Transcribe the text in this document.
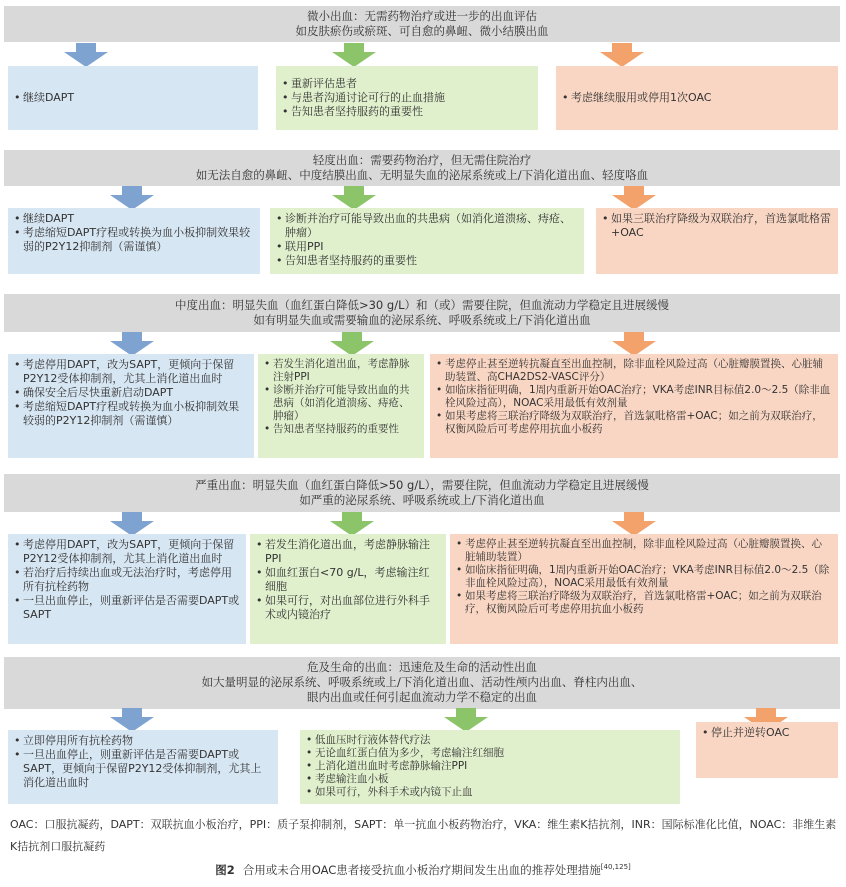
微小出血：无需药物治疗或进一步的出血评估
如皮肤瘀伤或瘀斑、可自愈的鼻衄、微小结膜出血
• 继续DAPT
• 重新评估患者
• 与患者沟通讨论可行的止血措施
• 告知患者坚持服药的重要性
• 考虑继续服用或停用1次OAC
轻度出血：需要药物治疗，但无需住院治疗
如无法自愈的鼻衄、中度结膜出血、无明显失血的泌尿系统或上/下消化道出血、轻度咯血
• 继续DAPT
• 考虑缩短DAPT疗程或转换为血小板抑制效果较弱的P2Y12抑制剂（需谨慎）
• 诊断并治疗可能导致出血的共患病（如消化道溃疡、痔疮、肿瘤）
• 联用PPI
• 告知患者坚持服药的重要性
• 如果三联治疗降级为双联治疗，首选氯吡格雷+OAC
中度出血：明显失血（血红蛋白降低>30 g/L）和（或）需要住院，但血流动力学稳定且进展缓慢
如有明显失血或需要输血的泌尿系统、呼吸系统或上/下消化道出血
• 考虑停用DAPT，改为SAPT，更倾向于保留P2Y12受体抑制剂，尤其上消化道出血时
• 确保安全后尽快重新启动DAPT
• 考虑缩短DAPT疗程或转换为血小板抑制效果较弱的P2Y12抑制剂（需谨慎）
• 若发生消化道出血，考虑静脉注射PPI
• 诊断并治疗可能导致出血的共患病（如消化道溃疡、痔疮、肿瘤）
• 告知患者坚持服药的重要性
• 考虑停止甚至逆转抗凝直至出血控制，除非血栓风险过高（心脏瓣膜置换、心脏辅助装置、高CHA2DS2-VASC评分）
• 如临床指征明确，1周内重新开始OAC治疗；VKA考虑INR目标值2.0～2.5（除非血栓风险过高），NOAC采用最低有效剂量
• 如果考虑将三联治疗降级为双联治疗，首选氯吡格雷+OAC；如之前为双联治疗，权衡风险后可考虑停用抗血小板药
严重出血：明显失血（血红蛋白降低>50 g/L），需要住院，但血流动力学稳定且进展缓慢
如严重的泌尿系统、呼吸系统或上/下消化道出血
• 考虑停用DAPT，改为SAPT，更倾向于保留P2Y12受体抑制剂，尤其上消化道出血时
• 若治疗后持续出血或无法治疗时，考虑停用所有抗栓药物
• 一旦出血停止，则重新评估是否需要DAPT或SAPT
• 若发生消化道出血，考虑静脉输注PPI
• 如血红蛋白<70 g/L，考虑输注红细胞
• 如果可行，对出血部位进行外科手术或内镜治疗
• 考虑停止甚至逆转抗凝直至出血控制，除非血栓风险过高（心脏瓣膜置换、心脏辅助装置）
• 如临床指征明确，1周内重新开始OAC治疗；VKA考虑INR目标值2.0～2.5（除非血栓风险过高），NOAC采用最低有效剂量
• 如果考虑将三联治疗降级为双联治疗，首选氯吡格雷+OAC；如之前为双联治疗，权衡风险后可考虑停用抗血小板药
危及生命的出血：迅速危及生命的活动性出血
如大量明显的泌尿系统、呼吸系统或上/下消化道出血、活动性颅内出血、脊柱内出血、
眼内出血或任何引起血流动力学不稳定的出血
• 立即停用所有抗栓药物
• 一旦出血停止，则重新评估是否需要DAPT或SAPT，更倾向于保留P2Y12受体抑制剂，尤其上消化道出血时
• 低血压时行液体替代疗法
• 无论血红蛋白值为多少，考虑输注红细胞
• 上消化道出血时考虑静脉输注PPI
• 考虑输注血小板
• 如果可行，外科手术或内镜下止血
• 停止并逆转OAC
OAC：口服抗凝药，DAPT：双联抗血小板治疗，PPI：质子泵抑制剂，SAPT：单一抗血小板药物治疗，VKA：维生素K拮抗剂，INR：国际标准化比值，NOAC：非维生素K拮抗剂口服抗凝药
图2 合用或未合用OAC患者接受抗血小板治疗期间发生出血的推荐处理措施[40,125]
